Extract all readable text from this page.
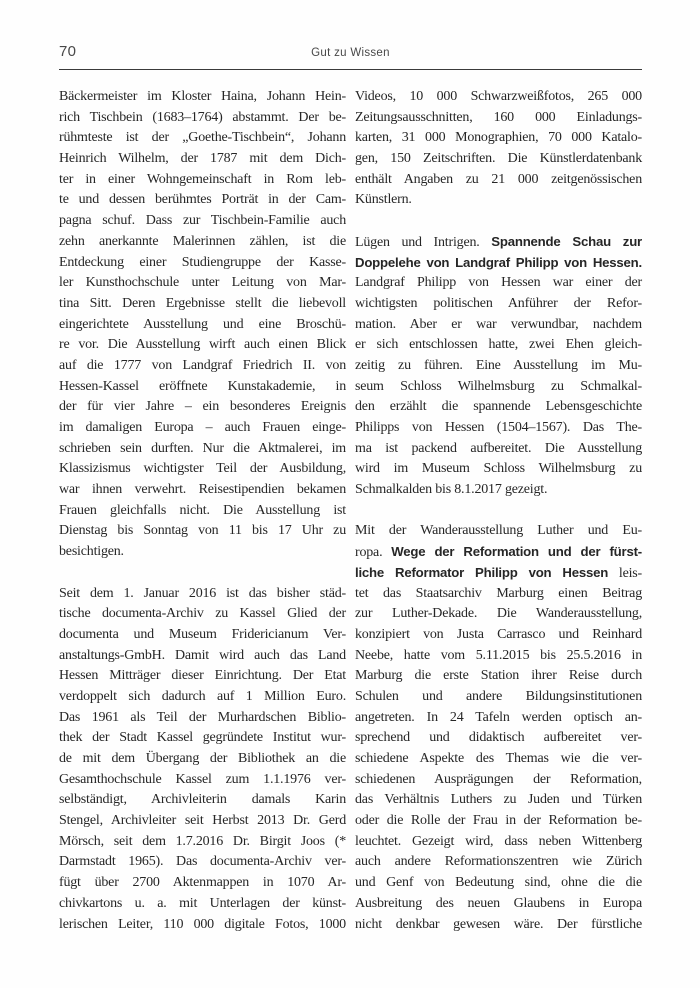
70	Gut zu Wissen
Bäckermeister im Kloster Haina, Johann Hein-
rich Tischbein (1683–1764) abstammt. Der be-
rühmteste ist der „Goethe-Tischbein“, Johann
Heinrich Wilhelm, der 1787 mit dem Dich-
ter in einer Wohngemeinschaft in Rom leb-
te und dessen berühmtes Porträt in der Cam-
pagna schuf. Dass zur Tischbein-Familie auch
zehn anerkannte Malerinnen zählen, ist die
Entdeckung einer Studiengruppe der Kasse-
ler Kunsthochschule unter Leitung von Mar-
tina Sitt. Deren Ergebnisse stellt die liebevoll
eingerichtete Ausstellung und eine Broschü-
re vor. Die Ausstellung wirft auch einen Blick
auf die 1777 von Landgraf Friedrich II. von
Hessen-Kassel eröffnete Kunstakademie, in
der für vier Jahre – ein besonderes Ereignis
im damaligen Europa – auch Frauen einge-
schrieben sein durften. Nur die Aktmalerei, im
Klassizismus wichtigster Teil der Ausbildung,
war ihnen verwehrt. Reisestipendien bekamen
Frauen gleichfalls nicht. Die Ausstellung ist
Dienstag bis Sonntag von 11 bis 17 Uhr zu
besichtigen.
Seit dem 1. Januar 2016 ist das bisher städ-
tische documenta-Archiv zu Kassel Glied der
documenta und Museum Fridericianum Ver-
anstaltungs-GmbH. Damit wird auch das Land
Hessen Mitträger dieser Einrichtung. Der Etat
verdoppelt sich dadurch auf 1 Million Euro.
Das 1961 als Teil der Murhardschen Biblio-
thek der Stadt Kassel gegründete Institut wur-
de mit dem Übergang der Bibliothek an die
Gesamthochschule Kassel zum 1.1.1976 ver-
selbständigt, Archivleiterin damals Karin
Stengel, Archivleiter seit Herbst 2013 Dr. Gerd
Mörsch, seit dem 1.7.2016 Dr. Birgit Joos (*
Darmstadt 1965). Das documenta-Archiv ver-
fügt über 2700 Aktenmappen in 1070 Ar-
chivkartons u. a. mit Unterlagen der künst-
lerischen Leiter, 110 000 digitale Fotos, 1000
Videos, 10 000 Schwarzweißfotos, 265 000
Zeitungsausschnitten, 160 000 Einladungs-
karten, 31 000 Monographien, 70 000 Katalo-
gen, 150 Zeitschriften. Die Künstlerdatenbank
enthält Angaben zu 21 000 zeitgenössischen
Künstlern.
Lügen und Intrigen. Spannende Schau zur
Doppelehe von Landgraf Philipp von Hessen.
Landgraf Philipp von Hessen war einer der
wichtigsten politischen Anführer der Refor-
mation. Aber er war verwundbar, nachdem
er sich entschlossen hatte, zwei Ehen gleich-
zeitig zu führen. Eine Ausstellung im Mu-
seum Schloss Wilhelmsburg zu Schmalkal-
den erzählt die spannende Lebensgeschichte
Philipps von Hessen (1504–1567). Das The-
ma ist packend aufbereitet. Die Ausstellung
wird im Museum Schloss Wilhelmsburg zu
Schmalkalden bis 8.1.2017 gezeigt.
Mit der Wanderausstellung Luther und Eu-
ropa. Wege der Reformation und der fürst-
liche Reformator Philipp von Hessen leis-
tet das Staatsarchiv Marburg einen Beitrag
zur Luther-Dekade. Die Wanderausstellung,
konzipiert von Justa Carrasco und Reinhard
Neebe, hatte vom 5.11.2015 bis 25.5.2016 in
Marburg die erste Station ihrer Reise durch
Schulen und andere Bildungsinstitutionen
angetreten. In 24 Tafeln werden optisch an-
sprechend und didaktisch aufbereitet ver-
schiedene Aspekte des Themas wie die ver-
schiedenen Ausprägungen der Reformation,
das Verhältnis Luthers zu Juden und Türken
oder die Rolle der Frau in der Reformation be-
leuchtet. Gezeigt wird, dass neben Wittenberg
auch andere Reformationszentren wie Zürich
und Genf von Bedeutung sind, ohne die die
Ausbreitung des neuen Glaubens in Europa
nicht denkbar gewesen wäre. Der fürstliche
